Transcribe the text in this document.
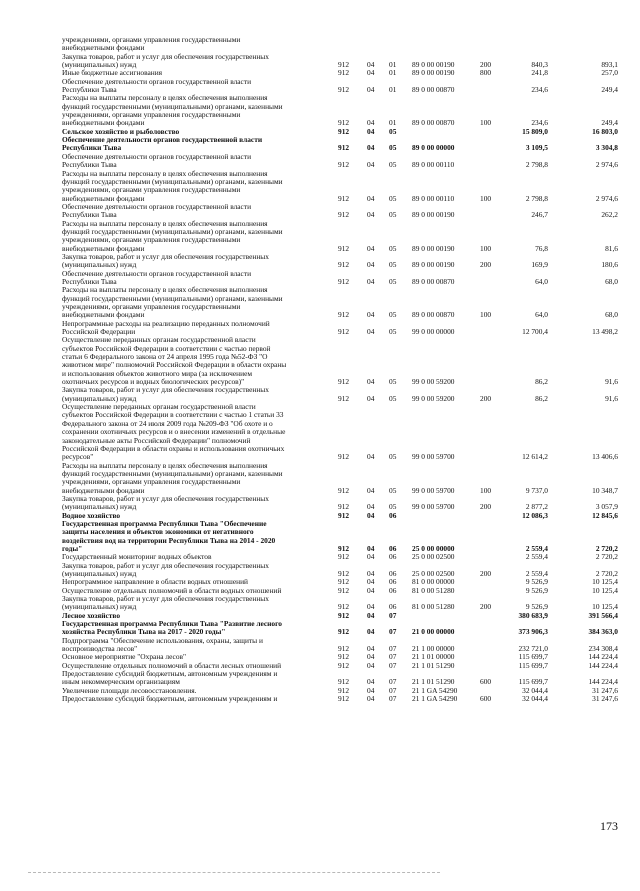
учреждениями, органами управления государственными
внебюджетными фондами
Закупка товаров, работ и услуг для обеспечения государственных
(муниципальных) нужд	912 04 01 89 0 00 00190	200	840,3	893,1
Иные бюджетные ассигнования	912 04 01 89 0 00 00190	800	241,8	257,0
Обеспечение деятельности органов государственной власти
Республики Тыва	912 04 01 89 0 00 00870	234,6	249,4
Расходы на выплаты персоналу в целях обеспечения выполнения
функций государственными (муниципальными) органами, казенными
учреждениями, органами управления государственными
внебюджетными фондами	912 04 01 89 0 00 00870	100	234,6	249,4
Сельское хозяйство и рыболовство	912 04 05	15 809,0	16 803,0
Обеспечение деятельности органов государственной власти
Республики Тыва	912 04 05 89 0 00 00000	3 109,5	3 304,8
Обеспечение деятельности органов государственной власти
Республики Тыва	912 04 05 89 0 00 00110	2 798,8	2 974,6
Расходы на выплаты персоналу в целях обеспечения выполнения
функций государственными (муниципальными) органами, казенными
учреждениями, органами управления государственными
внебюджетными фондами	912 04 05 89 0 00 00110	100	2 798,8	2 974,6
Обеспечение деятельности органов государственной власти
Республики Тыва	912 04 05 89 0 00 00190	246,7	262,2
Расходы на выплаты персоналу в целях обеспечения выполнения
функций государственными (муниципальными) органами, казенными
учреждениями, органами управления государственными
внебюджетными фондами	912 04 05 89 0 00 00190	100	76,8	81,6
Закупка товаров, работ и услуг для обеспечения государственных
(муниципальных) нужд	912 04 05 89 0 00 00190	200	169,9	180,6
Обеспечение деятельности органов государственной власти
Республики Тыва	912 04 05 89 0 00 00870	64,0	68,0
Расходы на выплаты персоналу в целях обеспечения выполнения
функций государственными (муниципальными) органами, казенными
учреждениями, органами управления государственными
внебюджетными фондами	912 04 05 89 0 00 00870	100	64,0	68,0
Непрограммные расходы на реализацию переданных полномочий
Российской Федерации	912 04 05 99 0 00 00000	12 700,4	13 498,2
Осуществление переданных органам государственной власти
субъектов Российской Федерации в соответствии с частью первой
статьи 6 Федерального закона от 24 апреля 1995 года №52-ФЗ "О
животном мире" полномочий Российской Федерации в области охраны
и использования объектов животного мира (за исключением
охотничьих ресурсов и водных биологических ресурсов)"	912 04 05 99 0 00 59200	86,2	91,6
Закупка товаров, работ и услуг для обеспечения государственных
(муниципальных) нужд	912 04 05 99 0 00 59200	200	86,2	91,6
Осуществление переданных органам государственной власти
субъектов Российской Федерации в соответствии с частью 1 статьи 33
Федерального закона от 24 июля 2009 года №209-ФЗ "Об охоте и о
сохранении охотничьих ресурсов и о внесении изменений в отдельные
законодательные акты Российской Федерации" полномочий
Российской Федерации в области охраны и использования охотничьих
ресурсов"	912 04 05 99 0 00 59700	12 614,2	13 406,6
Расходы на выплаты персоналу в целях обеспечения выполнения
функций государственными (муниципальными) органами, казенными
учреждениями, органами управления государственными
внебюджетными фондами	912 04 05 99 0 00 59700	100	9 737,0	10 348,7
Закупка товаров, работ и услуг для обеспечения государственных
(муниципальных) нужд	912 04 05 99 0 00 59700	200	2 877,2	3 057,9
Водное хозяйство	912 04 06	12 086,3	12 845,6
Государственная программа Республики Тыва "Обеспечение
защиты населения и объектов экономики от негативного
воздействия вод на территории Республики Тыва на 2014 - 2020
годы"	912 04 06 25 0 00 00000	2 559,4	2 720,2
Государственный мониторинг водных объектов	912 04 06 25 0 00 02500	2 559,4	2 720,2
Закупка товаров, работ и услуг для обеспечения государственных
(муниципальных) нужд	912 04 06 25 0 00 02500	200	2 559,4	2 720,2
Непрограммное направление в области водных отношений	912 04 06 81 0 00 00000	9 526,9	10 125,4
Осуществление отдельных полномочий в области водных отношений	912 04 06 81 0 00 51280	9 526,9	10 125,4
Закупка товаров, работ и услуг для обеспечения государственных
(муниципальных) нужд	912 04 06 81 0 00 51280	200	9 526,9	10 125,4
Лесное хозяйство	912 04 07	380 683,9	391 566,4
Государственная программа Республики Тыва "Развитие лесного
хозяйства Республики Тыва на 2017 - 2020 годы"	912 04 07 21 0 00 00000	373 906,3	384 363,0
Подпрограмма "Обеспечение использования, охраны, защиты и
воспроизводства лесов"	912 04 07 21 1 00 00000	232 721,0	234 308,4
Основное мероприятие "Охрана лесов"	912 04 07 21 1 01 00000	115 699,7	144 224,4
Осуществление отдельных полномочий в области лесных отношений	912 04 07 21 1 01 51290	115 699,7	144 224,4
Предоставление субсидий бюджетным, автономным учреждениям и
иным некоммерческим организациям	912 04 07 21 1 01 51290	600	115 699,7	144 224,4
Увеличение площади лесовосстановления.	912 04 07 21 1 GA 54290	32 044,4	31 247,6
Предоставление субсидий бюджетным, автономным учреждениям и	912 04 07 21 1 GA 54290	600	32 044,4	31 247,6
173
